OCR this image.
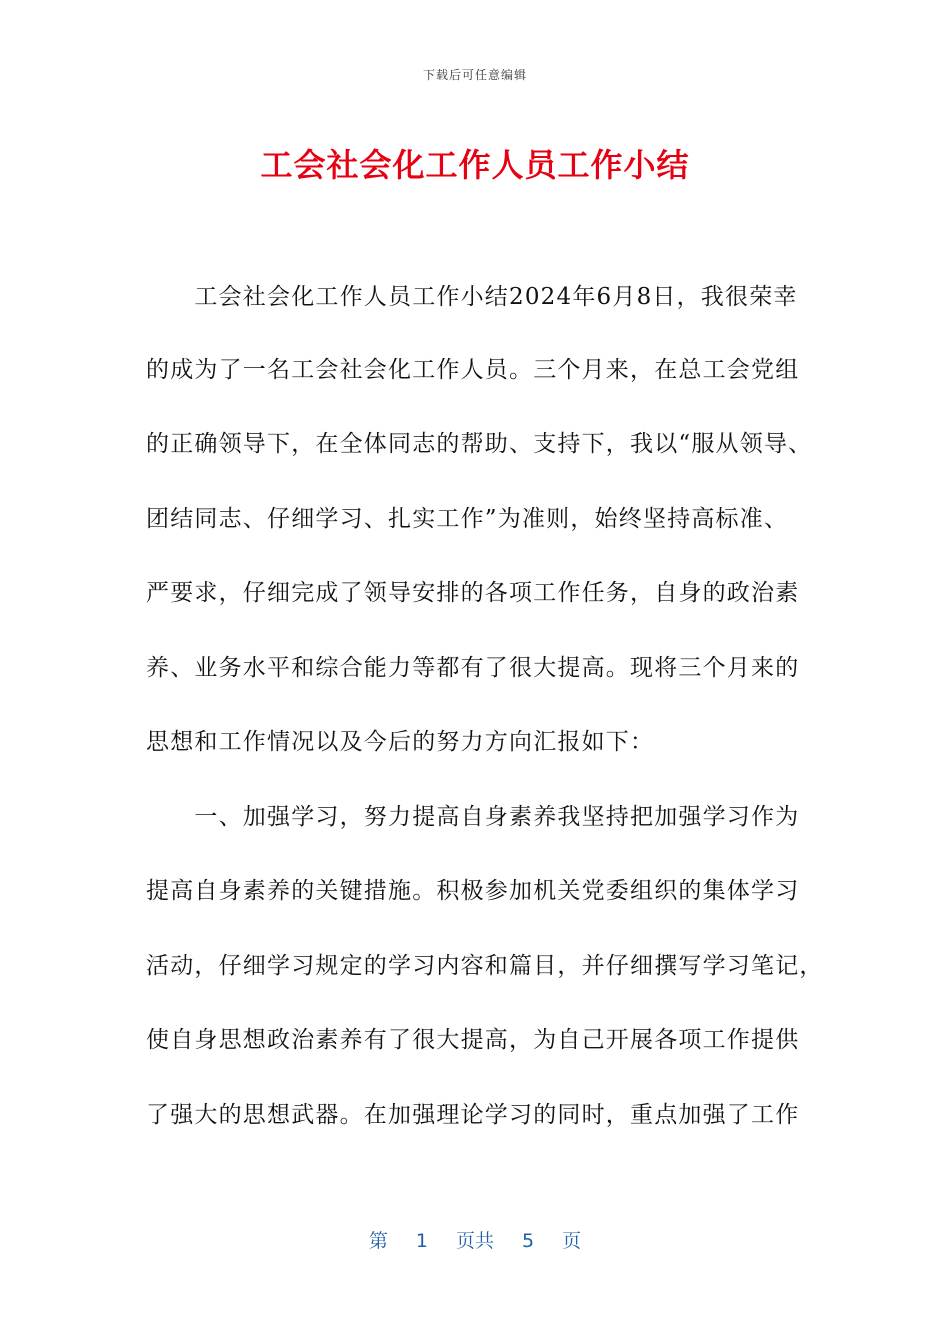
下载后可任意编辑
工会社会化工作人员工作小结
　　工会社会化工作人员工作小结2024年6月8日，我很荣幸
的成为了一名工会社会化工作人员。三个月来，在总工会党组
的正确领导下，在全体同志的帮助、支持下，我以“服从领导、
团结同志、仔细学习、扎实工作”为准则，始终坚持高标准、
严要求，仔细完成了领导安排的各项工作任务，自身的政治素
养、业务水平和综合能力等都有了很大提高。现将三个月来的
思想和工作情况以及今后的努力方向汇报如下：
　　一、加强学习，努力提高自身素养我坚持把加强学习作为
提高自身素养的关键措施。积极参加机关党委组织的集体学习
活动，仔细学习规定的学习内容和篇目，并仔细撰写学习笔记，
使自身思想政治素养有了很大提高，为自己开展各项工作提供
了强大的思想武器。在加强理论学习的同时，重点加强了工作
第 1 页共 5 页
